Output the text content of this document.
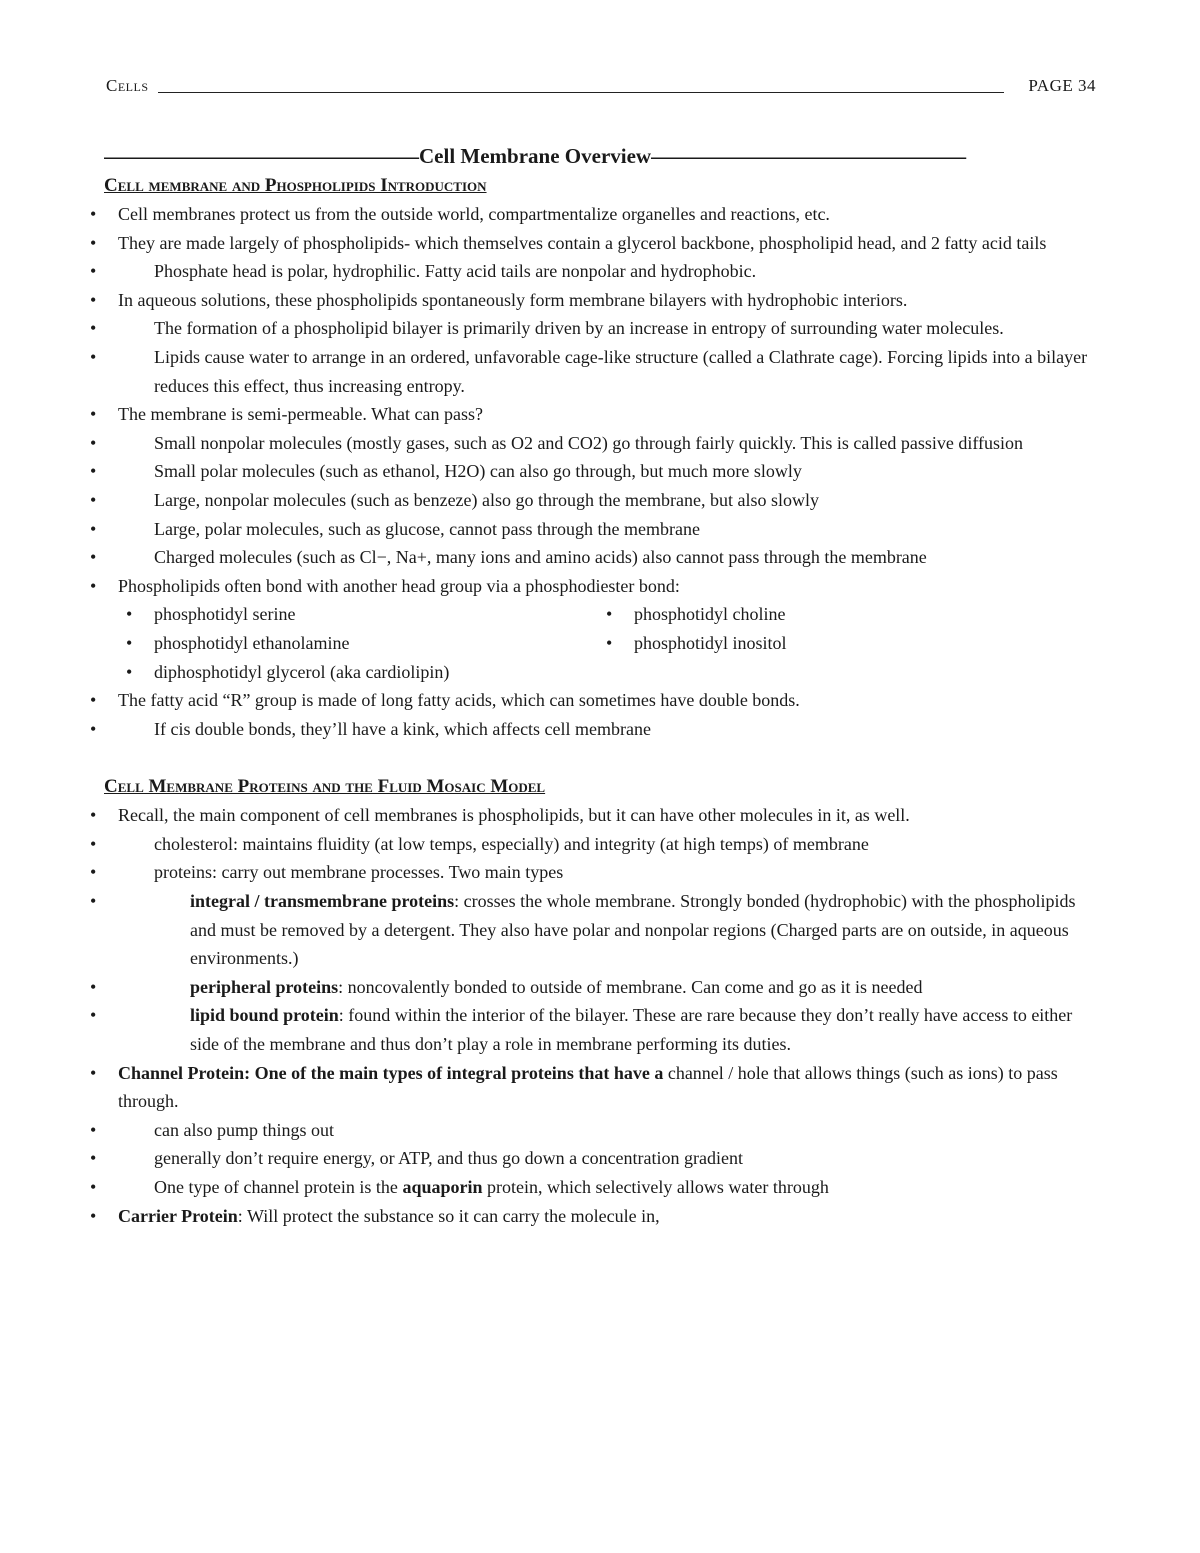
Cells	PAGE 34
———————————————Cell Membrane Overview———————————————
Cell membrane and Phospholipids Introduction
• Cell membranes protect us from the outside world, compartmentalize organelles and reactions, etc.
• They are made largely of phospholipids- which themselves contain a glycerol backbone, phospholipid head, and 2 fatty acid tails
• Phosphate head is polar, hydrophilic. Fatty acid tails are nonpolar and hydrophobic.
• In aqueous solutions, these phospholipids spontaneously form membrane bilayers with hydrophobic interiors.
• The formation of a phospholipid bilayer is primarily driven by an increase in entropy of surrounding water molecules.
• Lipids cause water to arrange in an ordered, unfavorable cage-like structure (called a Clathrate cage). Forcing lipids into a bilayer reduces this effect, thus increasing entropy.
• The membrane is semi-permeable. What can pass?
• Small nonpolar molecules (mostly gases, such as O2 and CO2) go through fairly quickly. This is called passive diffusion
• Small polar molecules (such as ethanol, H2O) can also go through, but much more slowly
• Large, nonpolar molecules (such as benzeze) also go through the membrane, but also slowly
• Large, polar molecules, such as glucose, cannot pass through the membrane
• Charged molecules (such as Cl−, Na+, many ions and amino acids) also cannot pass through the membrane
• Phospholipids often bond with another head group via a phosphodiester bond:
• phosphotidyl serine	• phosphotidyl choline
• phosphotidyl ethanolamine	• phosphotidyl inositol
• diphosphotidyl glycerol (aka cardiolipin)
• The fatty acid “R” group is made of long fatty acids, which can sometimes have double bonds.
• If cis double bonds, they’ll have a kink, which affects cell membrane
Cell Membrane Proteins and the Fluid Mosaic Model
• Recall, the main component of cell membranes is phospholipids, but it can have other molecules in it, as well.
• cholesterol: maintains fluidity (at low temps, especially) and integrity (at high temps) of membrane
• proteins: carry out membrane processes. Two main types
• integral / transmembrane proteins: crosses the whole membrane. Strongly bonded (hydrophobic) with the phospholipids and must be removed by a detergent. They also have polar and nonpolar regions (Charged parts are on outside, in aqueous environments.)
• peripheral proteins: noncovalently bonded to outside of membrane. Can come and go as it is needed
• lipid bound protein: found within the interior of the bilayer. These are rare because they don’t really have access to either side of the membrane and thus don’t play a role in membrane performing its duties.
• Channel Protein: One of the main types of integral proteins that have a channel / hole that allows things (such as ions) to pass through.
• can also pump things out
• generally don’t require energy, or ATP, and thus go down a concentration gradient
• One type of channel protein is the aquaporin protein, which selectively allows water through
• Carrier Protein: Will protect the substance so it can carry the molecule in,
